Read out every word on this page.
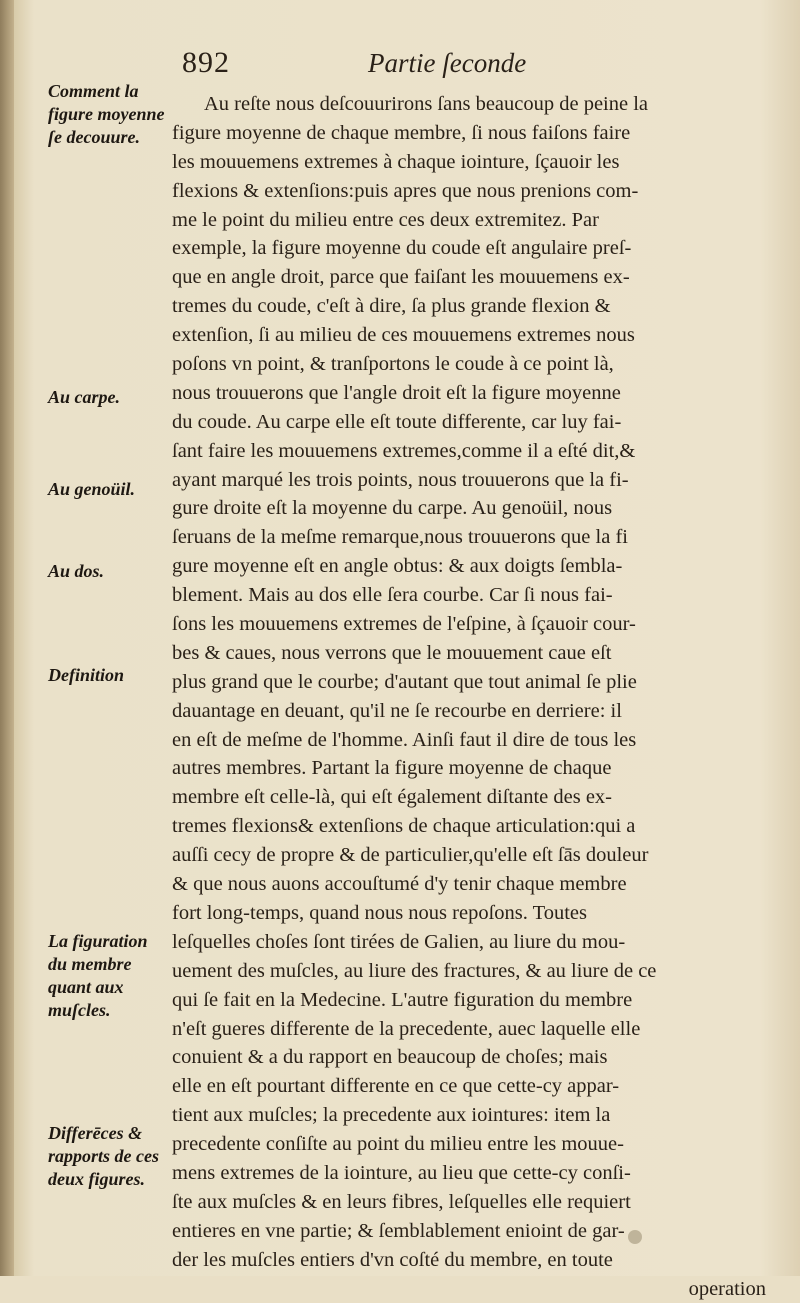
892	Partie ſeconde
Comment la figure moyenne ſe decouure.
Au carpe.
Au genoüil.
Au dos.
Definition
La figuration du membre quant aux muſcles.
Differēces & rapports de ces deux figures.
Au reſte nous deſcouurirons ſans beaucoup de peine la
figure moyenne de chaque membre, ſi nous faiſons faire
les mouuemens extremes à chaque iointure, ſçauoir les
flexions & extenſions:puis apres que nous prenions com-
me le point du milieu entre ces deux extremitez. Par
exemple, la figure moyenne du coude eſt angulaire preſ-
que en angle droit, parce que faiſant les mouuemens ex-
tremes du coude, c'eſt à dire, ſa plus grande flexion &
extenſion, ſi au milieu de ces mouuemens extremes nous
poſons vn point, & tranſportons le coude à ce point là,
nous trouuerons que l'angle droit eſt la figure moyenne
du coude. Au carpe elle eſt toute differente, car luy fai-
ſant faire les mouuemens extremes,comme il a eſté dit,&
ayant marqué les trois points, nous trouuerons que la fi-
gure droite eſt la moyenne du carpe. Au genoüil, nous
ſeruans de la meſme remarque,nous trouuerons que la fi
gure moyenne eſt en angle obtus: & aux doigts ſembla-
blement. Mais au dos elle ſera courbe. Car ſi nous fai-
ſons les mouuemens extremes de l'eſpine, à ſçauoir cour-
bes & caues, nous verrons que le mouuement caue eſt
plus grand que le courbe; d'autant que tout animal ſe plie
dauantage en deuant, qu'il ne ſe recourbe en derriere: il
en eſt de meſme de l'homme. Ainſi faut il dire de tous les
autres membres. Partant la figure moyenne de chaque
membre eſt celle-là, qui eſt également diſtante des ex-
tremes flexions& extenſions de chaque articulation:qui a
auſſi cecy de propre & de particulier,qu'elle eſt ſās douleur
& que nous auons accouſtumé d'y tenir chaque membre
fort long-temps, quand nous nous repoſons. Toutes
leſquelles choſes ſont tirées de Galien, au liure du mou-
uement des muſcles, au liure des fractures, & au liure de ce
qui ſe fait en la Medecine. L'autre figuration du membre
n'eſt gueres differente de la precedente, auec laquelle elle
conuient & a du rapport en beaucoup de choſes; mais
elle en eſt pourtant differente en ce que cette-cy appar-
tient aux muſcles; la precedente aux iointures: item la
precedente conſiſte au point du milieu entre les mouue-
mens extremes de la iointure, au lieu que cette-cy conſi-
ſte aux muſcles & en leurs fibres, leſquelles elle requiert
entieres en vne partie; & ſemblablement enioint de gar-
der les muſcles entiers d'vn coſté du membre, en toute
operation
